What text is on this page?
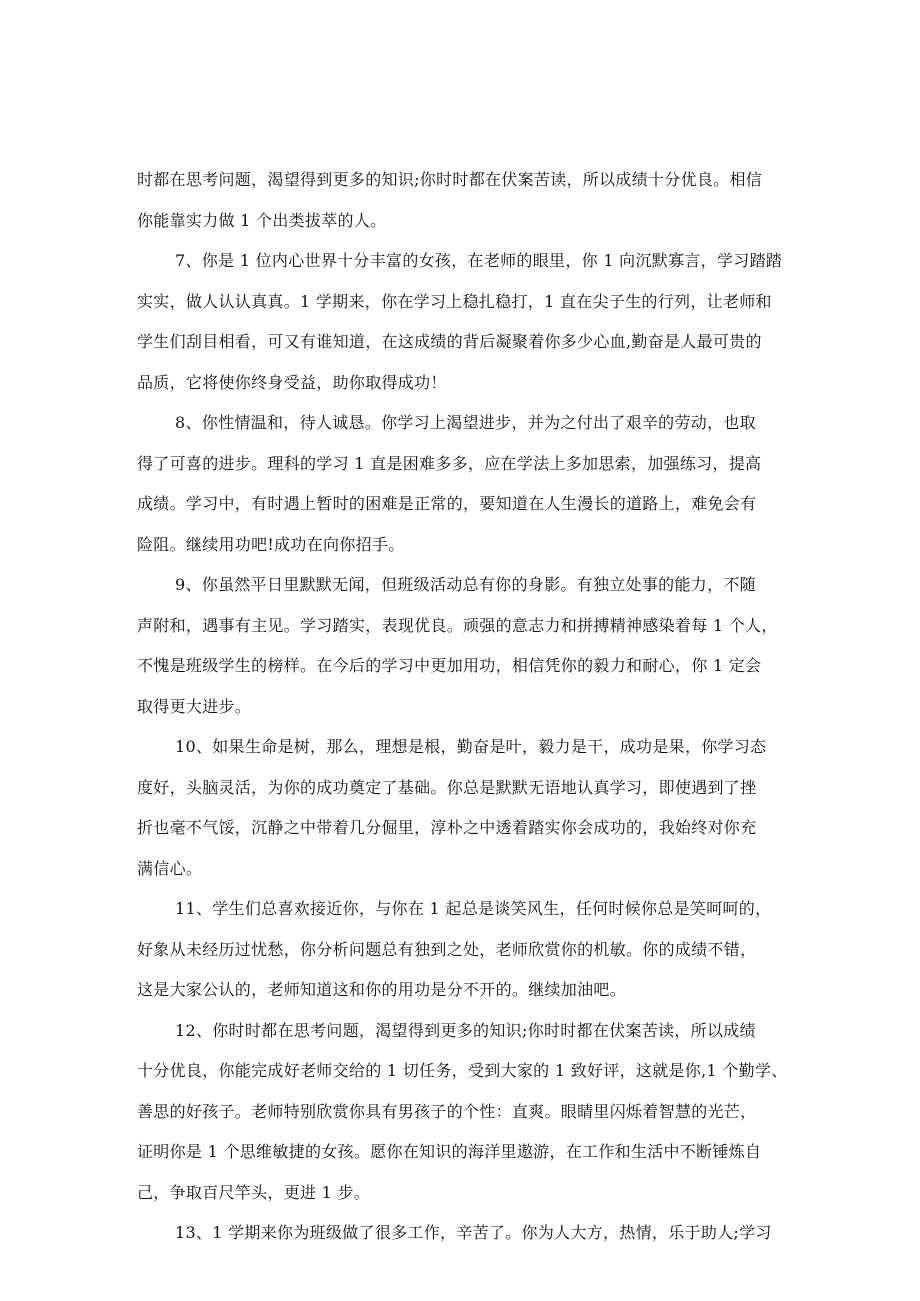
时都在思考问题，渴望得到更多的知识;你时时都在伏案苦读，所以成绩十分优良。相信
你能靠实力做 1 个出类拔萃的人。
7、你是 1 位内心世界十分丰富的女孩，在老师的眼里，你 1 向沉默寡言，学习踏踏
实实，做人认认真真。1 学期来，你在学习上稳扎稳打，1 直在尖子生的行列，让老师和
学生们刮目相看，可又有谁知道，在这成绩的背后凝聚着你多少心血,勤奋是人最可贵的
品质，它将使你终身受益，助你取得成功！
8、你性情温和，待人诚恳。你学习上渴望进步，并为之付出了艰辛的劳动，也取
得了可喜的进步。理科的学习 1 直是困难多多，应在学法上多加思索，加强练习，提高
成绩。学习中，有时遇上暂时的困难是正常的，要知道在人生漫长的道路上，难免会有
险阻。继续用功吧!成功在向你招手。
9、你虽然平日里默默无闻，但班级活动总有你的身影。有独立处事的能力，不随
声附和，遇事有主见。学习踏实，表现优良。顽强的意志力和拼搏精神感染着每 1 个人，
不愧是班级学生的榜样。在今后的学习中更加用功，相信凭你的毅力和耐心，你 1 定会
取得更大进步。
10、如果生命是树，那么，理想是根，勤奋是叶，毅力是干，成功是果，你学习态
度好，头脑灵活，为你的成功奠定了基础。你总是默默无语地认真学习，即使遇到了挫
折也毫不气馁，沉静之中带着几分倔里，淳朴之中透着踏实你会成功的，我始终对你充
满信心。
11、学生们总喜欢接近你，与你在 1 起总是谈笑风生，任何时候你总是笑呵呵的，
好象从未经历过忧愁，你分析问题总有独到之处，老师欣赏你的机敏。你的成绩不错，
这是大家公认的，老师知道这和你的用功是分不开的。继续加油吧。
12、你时时都在思考问题，渴望得到更多的知识;你时时都在伏案苦读，所以成绩
十分优良，你能完成好老师交给的 1 切任务，受到大家的 1 致好评，这就是你,1 个勤学、
善思的好孩子。老师特别欣赏你具有男孩子的个性：直爽。眼睛里闪烁着智慧的光芒，
证明你是 1 个思维敏捷的女孩。愿你在知识的海洋里遨游，在工作和生活中不断锤炼自
己，争取百尺竿头，更进 1 步。
13、1 学期来你为班级做了很多工作，辛苦了。你为人大方，热情，乐于助人;学习
